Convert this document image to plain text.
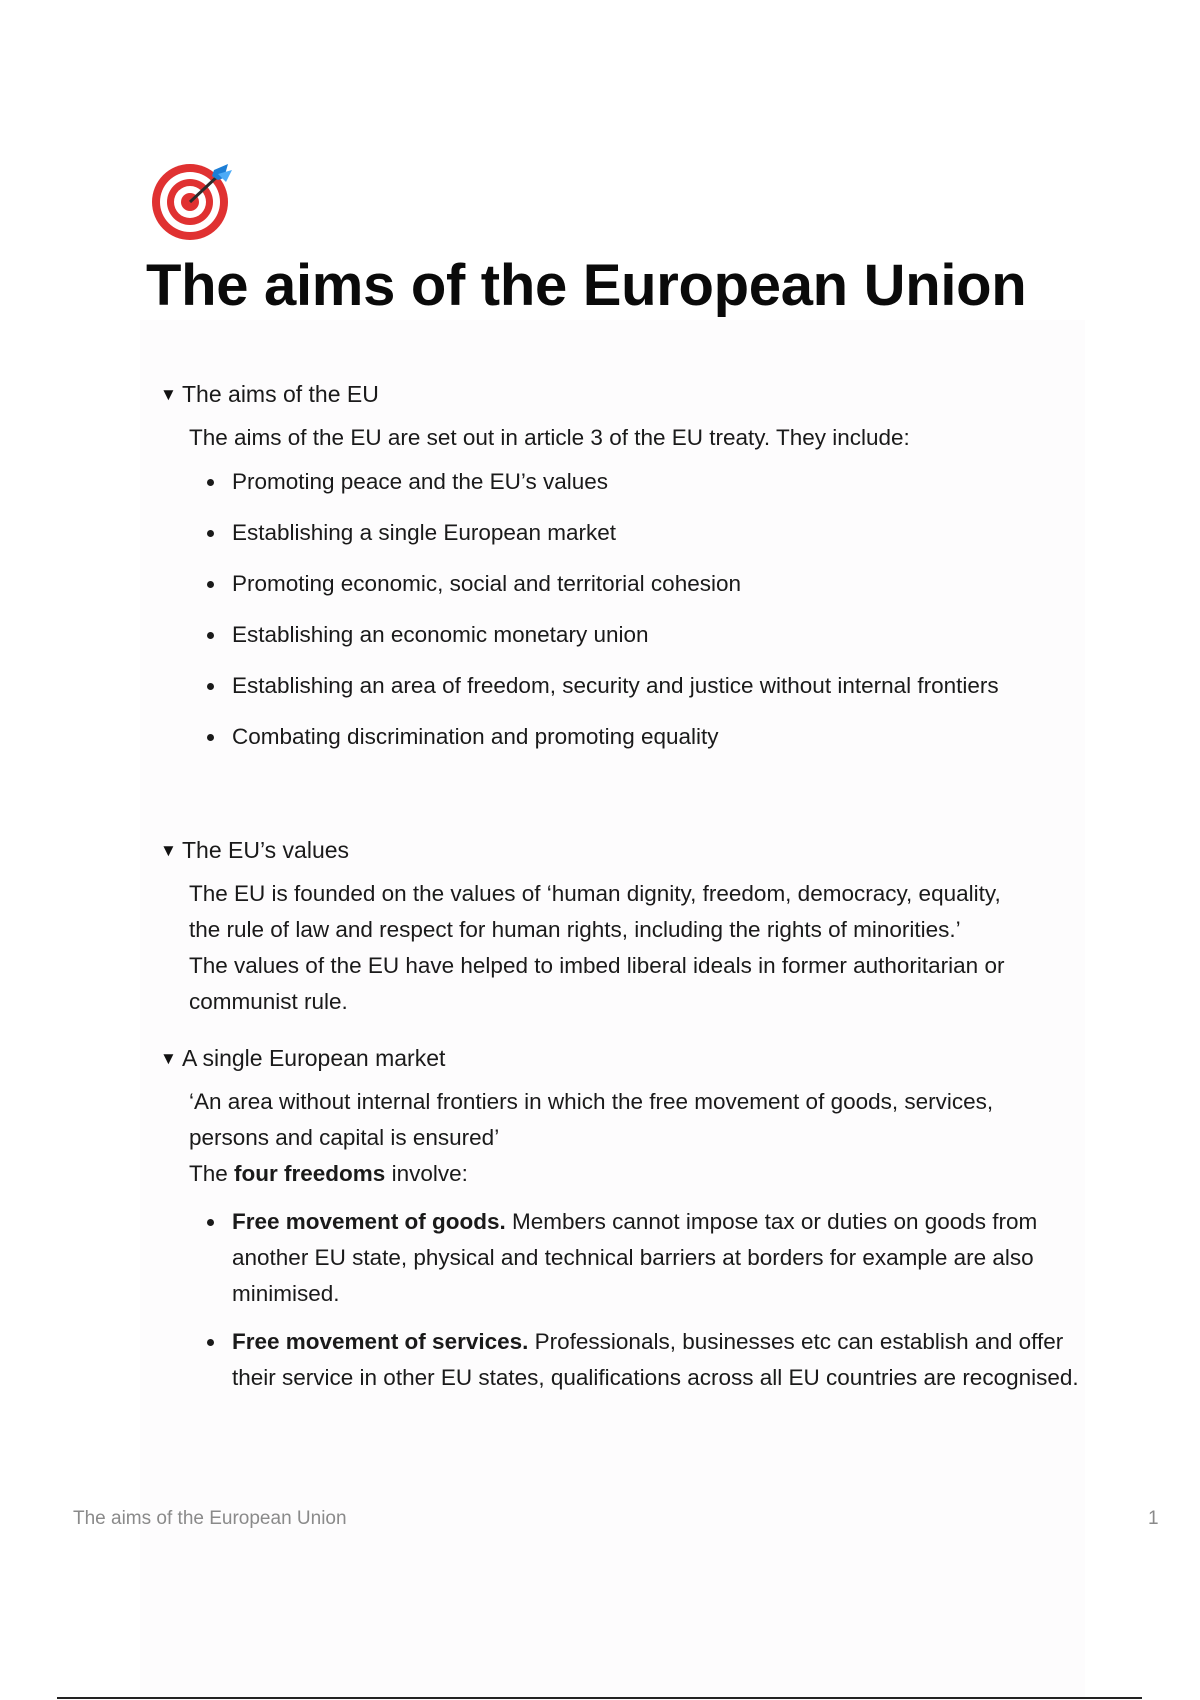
The aims of the European Union
▼ The aims of the EU

The aims of the EU are set out in article 3 of the EU treaty. They include:

Promoting peace and the EU’s values
Establishing a single European market
Promoting economic, social and territorial cohesion
Establishing an economic monetary union
Establishing an area of freedom, security and justice without internal frontiers
Combating discrimination and promoting equality
▼ The EU’s values

The EU is founded on the values of ‘human dignity, freedom, democracy, equality,

the rule of law and respect for human rights, including the rights of minorities.’

The values of the EU have helped to imbed liberal ideals in former authoritarian or

communist rule.

▼ A single European market

‘An area without internal frontiers in which the free movement of goods, services,

persons and capital is ensured’

The four freedoms involve:

Free movement of goods. Members cannot impose tax or duties on goods from another EU state, physical and technical barriers at borders for example are also minimised.
Free movement of services. Professionals, businesses etc can establish and offer their service in other EU states, qualifications across all EU countries are recognised.
The aims of the European Union	1
